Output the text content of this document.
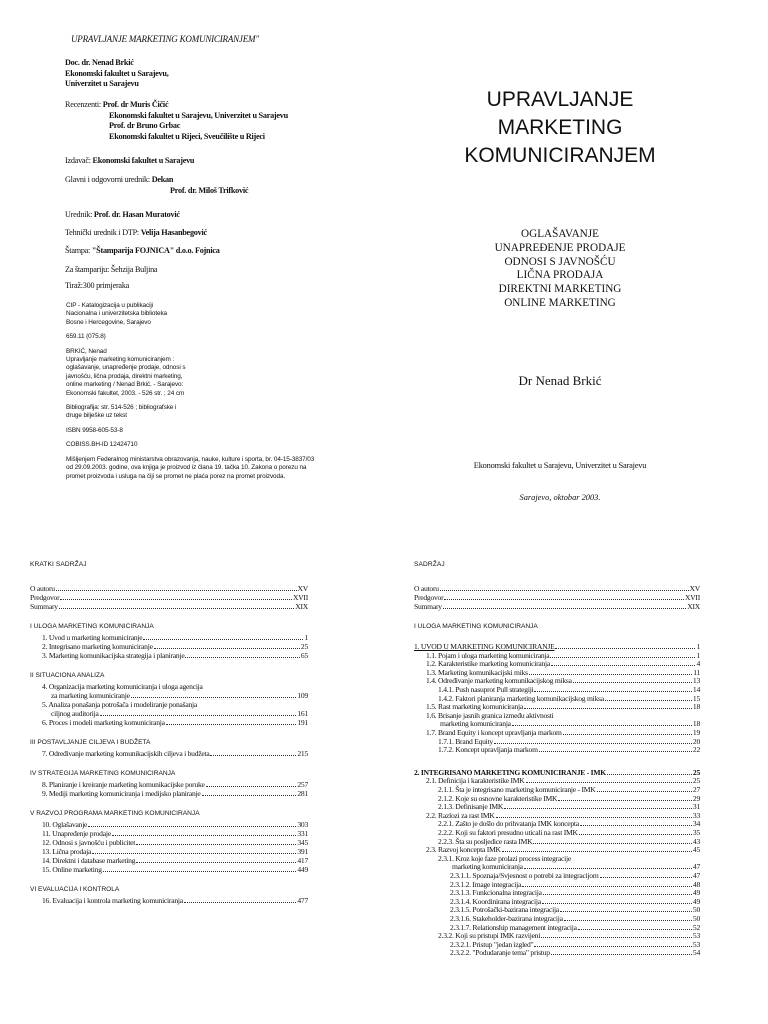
UPRAVLJANJE MARKETING KOMUNICIRANJEM"
Doc. dr. Nenad Brkić
Ekonomski fakultet u Sarajevu,
Univerzitet u Sarajevu
Recenzenti: Prof. dr Muris Čičić
Ekonomski fakultet u Sarajevu, Univerzitet u Sarajevu
Prof. dr Bruno Grbac
Ekonomski fakultet u Rijeci, Sveučilište u Rijeci
Izdavač: Ekonomski fakultet u Sarajevu
Glavni i odgovorni urednik: Dekan
Prof. dr. Miloš Trifković
Urednik: Prof. dr. Hasan Muratović
Tehnički urednik i DTP: Velija Hasanbegović
Štampa: "Štamparija FOJNICA" d.o.o. Fojnica
Za štampariju: Šehzija Buljina
Tiraž:300 primjeraka
CIP - Katalogizacija u publikaciji
Nacionalna i univerzitetska biblioteka
Bosne i Hercegovine, Sarajevo
659.11 (075.8)
BRKIĆ, Nenad
Upravljanje marketing komuniciranjem :
oglašavanje, unapređenje prodaje, odnosi s
javnošću, lična prodaja, direktni marketing,
online marketing / Nenad Brkić. - Sarajevo:
Ekonomski fakultet, 2003. - 526 str. ; 24 cm
Bibliografija: str. 514-526 ; bibliografske i
druge bilješke uz tekst
ISBN 9958-605-53-8
COBISS.BH-ID 12424710
Mišljenjem Federalnog ministarstva obrazovanja, nauke, kulture i sporta, br. 04-15-3837/03
od 29.09.2003. godine, ova knjiga je proizvod iz člana 19. tačka 10. Zakona o porezu na
promet proizvoda i usluga na čiji se promet ne plaća porez na promet proizvoda.
UPRAVLJANJE
MARKETING
KOMUNICIRANJEM
OGLAŠAVANJE
UNAPREĐENJE PRODAJE
ODNOSI S JAVNOŠĆU
LIČNA PRODAJA
DIREKTNI MARKETING
ONLINE MARKETING
Dr Nenad Brkić
Ekonomski fakultet u Sarajevu, Univerzitet u Sarajevu
Sarajevo, oktobar 2003.
KRATKI SADRŽAJ
O autoru	XV
Predgovor	XVII
Summary	XIX
I ULOGA MARKETING KOMUNICIRANJA
1. Uvod u marketing komuniciranje	1
2. Integrisano marketing komuniciranje	25
3. Marketing komunikacijska strategija i planiranje	65
II SITUACIONA ANALIZA
4. Organizacija marketing komuniciranja i uloga agencija
za marketing komuniciranje	109
5. Analiza ponašanja potrošača i modeliranje ponašanja
ciljnog auditorija	161
6. Proces i modeli marketing komuniciranja	191
III POSTAVLJANJE CILJEVA I BUDŽETA
7. Određivanje marketing komunikacijskih ciljeva i budžeta	215
IV STRATEGIJA MARKETING KOMUNICIRANJA
8. Planiranje i kreiranje marketing komunikacijske poruke	257
9. Mediji marketing komuniciranja i medijsko planiranje	281
V RAZVOJ PROGRAMA MARKETING KOMUNICIRANJA
10. Oglašavanje	303
11. Unapređenje prodaje	331
12. Odnosi s javnošću i publicitet	345
13. Lična prodaja	391
14. Direktni i database marketing	417
15. Online marketing	449
VI EVALUACIJA I KONTROLA
16. Evaluacija i kontrola marketing komuniciranja	477
SADRŽAJ
O autoru	XV
Predgovor	XVII
Summary	XIX
I ULOGA MARKETING KOMUNICIRANJA
1. UVOD U MARKETING KOMUNICIRANJE	1
1.1. Pojam i uloga marketing komuniciranja	1
1.2. Karakteristike marketing komuniciranja	4
1.3. Marketing komunikacijski miks	11
1.4. Određivanje marketing komunikacijskog miksa	13
1.4.1. Push nasuprot Pull strategiji	14
1.4.2. Faktori planiranja marketing komunikacijskog miksa	15
1.5. Rast marketing komuniciranja	18
1.6. Brisanje jasnih granica između aktivnosti
marketing komuniciranja	18
1.7. Brand Equity i koncept upravljanja markom	19
1.7.1. Brand Equity	20
1.7.2. Koncept upravljanja markom	22
2. INTEGRISANO MARKETING KOMUNICIRANJE - IMK	25
2.1. Definicija i karakteristike IMK	25
2.1.1. Šta je integrisano marketing komuniciranje - IMK	27
2.1.2. Koje su osnovne karakteristike IMK	29
2.1.3. Definisanje IMK	31
2.2. Razlozi za rast IMK	33
2.2.1. Zašto je došlo do prihvatanja IMK koncepta	34
2.2.2. Koji su faktori presudno uticali na rast IMK	35
2.2.3. Šta su posljedice rasta IMK	43
2.3. Razvoj koncepta IMK	45
2.3.1. Kroz koje faze prolazi process integracije
marketing komuniciranja	47
2.3.1.1. Spoznaja/Svjesnost o potrebi za integracijom	47
2.3.1.2. Image integracija	48
2.3.1.3. Funkcionalna integracija	49
2.3.1.4. Koordinirana integracija	49
2.3.1.5. Potrošački-bazirana integracija	50
2.3.1.6. Stakeholder-bazirana integracija	50
2.3.1.7. Relationship management integracija	52
2.3.2. Koji su pristupi IMK razvijeni	53
2.3.2.1. Pristup "jedan izgled"	53
2.3.2.2. "Podudaranje tema" pristup	54
